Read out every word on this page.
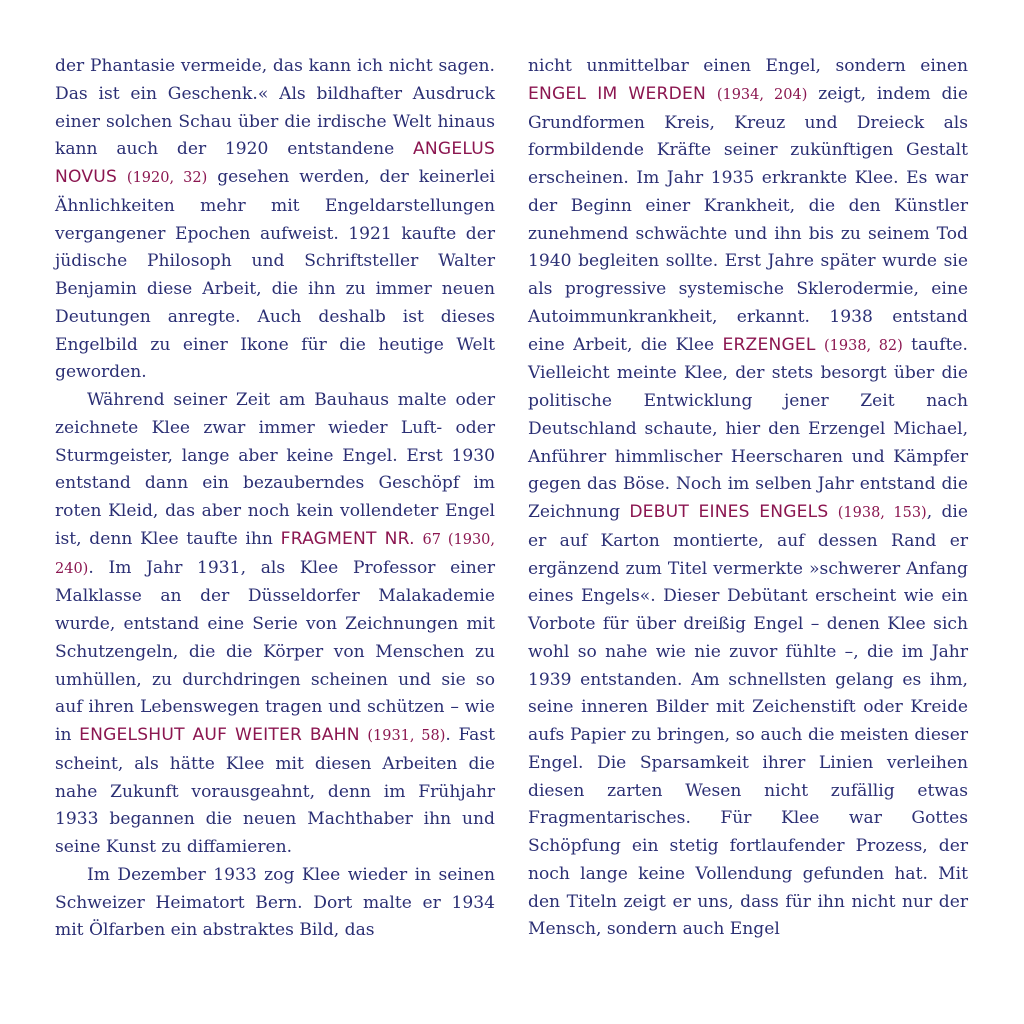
der Phantasie vermeide, das kann ich nicht sagen. Das ist ein Geschenk.« Als bildhafter Ausdruck einer solchen Schau über die irdische Welt hinaus kann auch der 1920 entstandene ANGELUS NOVUS (1920, 32) gesehen werden, der keinerlei Ähnlichkeiten mehr mit Engeldarstellungen vergangener Epochen aufweist. 1921 kaufte der jüdische Philosoph und Schriftsteller Walter Benjamin diese Arbeit, die ihn zu immer neuen Deutungen anregte. Auch deshalb ist dieses Engelbild zu einer Ikone für die heutige Welt geworden.

Während seiner Zeit am Bauhaus malte oder zeichnete Klee zwar immer wieder Luft- oder Sturmgeister, lange aber keine Engel. Erst 1930 entstand dann ein bezauberndes Geschöpf im roten Kleid, das aber noch kein vollendeter Engel ist, denn Klee taufte ihn FRAGMENT NR. 67 (1930, 240). Im Jahr 1931, als Klee Professor einer Malklasse an der Düsseldorfer Malakademie wurde, entstand eine Serie von Zeichnungen mit Schutzengeln, die die Körper von Menschen zu umhüllen, zu durchdringen scheinen und sie so auf ihren Lebenswegen tragen und schützen – wie in ENGELSHUT AUF WEITER BAHN (1931, 58). Fast scheint, als hätte Klee mit diesen Arbeiten die nahe Zukunft vorausgeahnt, denn im Frühjahr 1933 begannen die neuen Machthaber ihn und seine Kunst zu diffamieren.

Im Dezember 1933 zog Klee wieder in seinen Schweizer Heimatort Bern. Dort malte er 1934 mit Ölfarben ein abstraktes Bild, das

nicht unmittelbar einen Engel, sondern einen ENGEL IM WERDEN (1934, 204) zeigt, indem die Grundformen Kreis, Kreuz und Dreieck als formbildende Kräfte seiner zukünftigen Gestalt erscheinen. Im Jahr 1935 erkrankte Klee. Es war der Beginn einer Krankheit, die den Künstler zunehmend schwächte und ihn bis zu seinem Tod 1940 begleiten sollte. Erst Jahre später wurde sie als progressive systemische Sklerodermie, eine Autoimmunkrankheit, erkannt. 1938 entstand eine Arbeit, die Klee ERZENGEL (1938, 82) taufte. Vielleicht meinte Klee, der stets besorgt über die politische Entwicklung jener Zeit nach Deutschland schaute, hier den Erzengel Michael, Anführer himmlischer Heerscharen und Kämpfer gegen das Böse. Noch im selben Jahr entstand die Zeichnung DEBUT EINES ENGELS (1938, 153), die er auf Karton montierte, auf dessen Rand er ergänzend zum Titel vermerkte »schwerer Anfang eines Engels«. Dieser Debütant erscheint wie ein Vorbote für über dreißig Engel – denen Klee sich wohl so nahe wie nie zuvor fühlte –, die im Jahr 1939 entstanden. Am schnellsten gelang es ihm, seine inneren Bilder mit Zeichenstift oder Kreide aufs Papier zu bringen, so auch die meisten dieser Engel. Die Sparsamkeit ihrer Linien verleihen diesen zarten Wesen nicht zufällig etwas Fragmentarisches. Für Klee war Gottes Schöpfung ein stetig fortlaufender Prozess, der noch lange keine Vollendung gefunden hat. Mit den Titeln zeigt er uns, dass für ihn nicht nur der Mensch, sondern auch Engel
